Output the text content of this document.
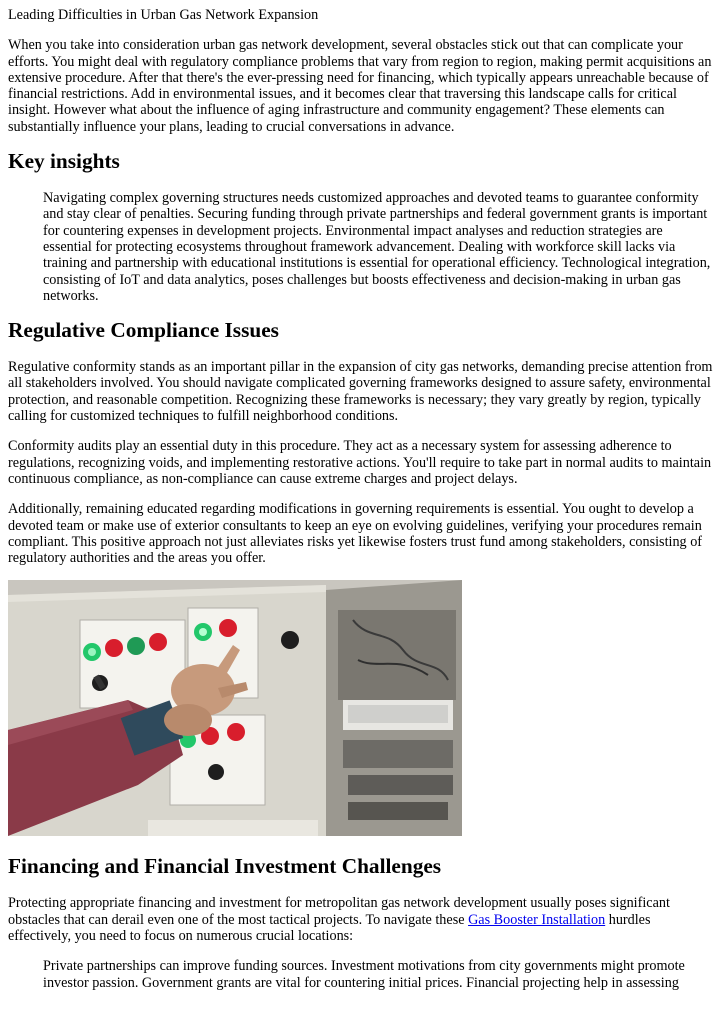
Leading Difficulties in Urban Gas Network Expansion

When you take into consideration urban gas network development, several obstacles stick out that can complicate your efforts. You might deal with regulatory compliance problems that vary from region to region, making permit acquisitions an extensive procedure. After that there's the ever-pressing need for financing, which typically appears unreachable because of financial restrictions. Add in environmental issues, and it becomes clear that traversing this landscape calls for critical insight. However what about the influence of aging infrastructure and community engagement? These elements can substantially influence your plans, leading to crucial conversations in advance.

Key insights
Navigating complex governing structures needs customized approaches and devoted teams to guarantee conformity and stay clear of penalties. Securing funding through private partnerships and federal government grants is important for countering expenses in development projects. Environmental impact analyses and reduction strategies are essential for protecting ecosystems throughout framework advancement. Dealing with workforce skill lacks via training and partnership with educational institutions is essential for operational efficiency. Technological integration, consisting of IoT and data analytics, poses challenges but boosts effectiveness and decision-making in urban gas networks.
Regulative Compliance Issues

Regulative conformity stands as an important pillar in the expansion of city gas networks, demanding precise attention from all stakeholders involved. You should navigate complicated governing frameworks designed to assure safety, environmental protection, and reasonable competition. Recognizing these frameworks is necessary; they vary greatly by region, typically calling for customized techniques to fulfill neighborhood conditions.

Conformity audits play an essential duty in this procedure. They act as a necessary system for assessing adherence to regulations, recognizing voids, and implementing restorative actions. You'll require to take part in normal audits to maintain continuous compliance, as non-compliance can cause extreme charges and project delays.

Additionally, remaining educated regarding modifications in governing requirements is essential. You ought to develop a devoted team or make use of exterior consultants to keep an eye on evolving guidelines, verifying your procedures remain compliant. This positive approach not just alleviates risks yet likewise fosters trust fund among stakeholders, consisting of regulatory authorities and the areas you offer.

Financing and Financial Investment Challenges

Protecting appropriate financing and investment for metropolitan gas network development usually poses significant obstacles that can derail even one of the most tactical projects. To navigate these Gas Booster Installation hurdles effectively, you need to focus on numerous crucial locations:

Private partnerships can improve funding sources. Investment motivations from city governments might promote investor passion. Government grants are vital for countering initial prices. Financial projecting help in assessing
